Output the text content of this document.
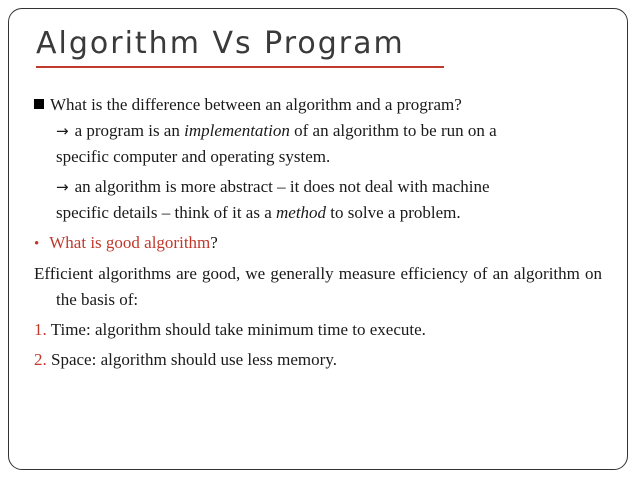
Algorithm Vs Program
What is the difference between an algorithm and a program?
→ a program is an implementation of an algorithm to be run on a
specific computer and operating system.
→ an algorithm is more abstract – it does not deal with machine
specific details – think of it as a method to solve a problem.
• What is good algorithm?
Efficient algorithms are good, we generally measure efficiency of an algorithm on the basis of:
1. Time: algorithm should take minimum time to execute.
2. Space: algorithm should use less memory.
